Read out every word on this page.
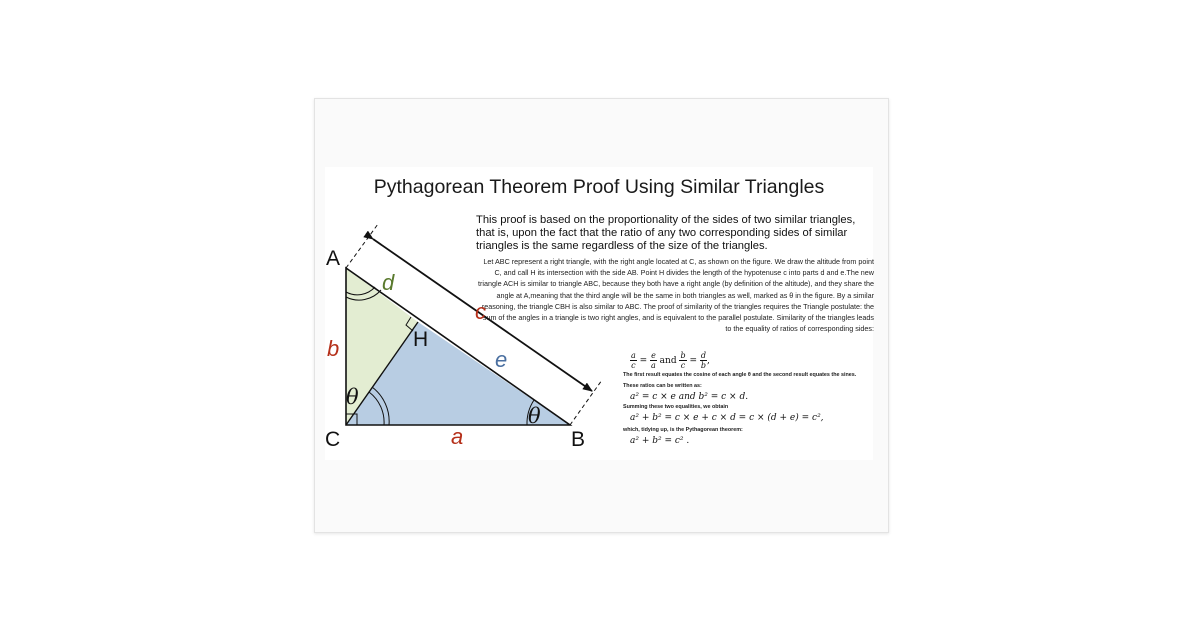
Pythagorean Theorem Proof Using Similar Triangles
This proof is based on the proportionality of the sides of two similar triangles, that is, upon the fact that the ratio of any two corresponding sides of similar triangles is the same regardless of the size of the triangles.
Let ABC represent a right triangle, with the right angle located at C, as shown on the figure. We draw the altitude from point C, and call H its intersection with the side AB. Point H divides the length of the hypotenuse c into parts d and e.The new triangle ACH is similar to triangle ABC, because they both have a right angle (by definition of the altitude), and they share the angle at A,meaning that the third angle will be the same in both triangles as well, marked as θ in the figure. By a similar reasoning, the triangle CBH is also similar to ABC. The proof of similarity of the triangles requires the Triangle postulate: the sum of the angles in a triangle is two right angles, and is equivalent to the parallel postulate. Similarity of the triangles leads to the equality of ratios of corresponding sides:
$\frac{a}{c} = \frac{e}{a}$ and $\frac{b}{c} = \frac{d}{b}$ ,
The first result equates the cosine of each angle θ and the second result equates the sines.
These ratios can be written as:
a² = c × e and b² = c × d.
Summing these two equalities, we obtain
a² + b² = c × e + c × d = c × (d + e) = c²,
which, tidying up, is the Pythagorean theorem:
a² + b² = c² .
A
C	B
H
b
a
c
d
e
θ
θ
